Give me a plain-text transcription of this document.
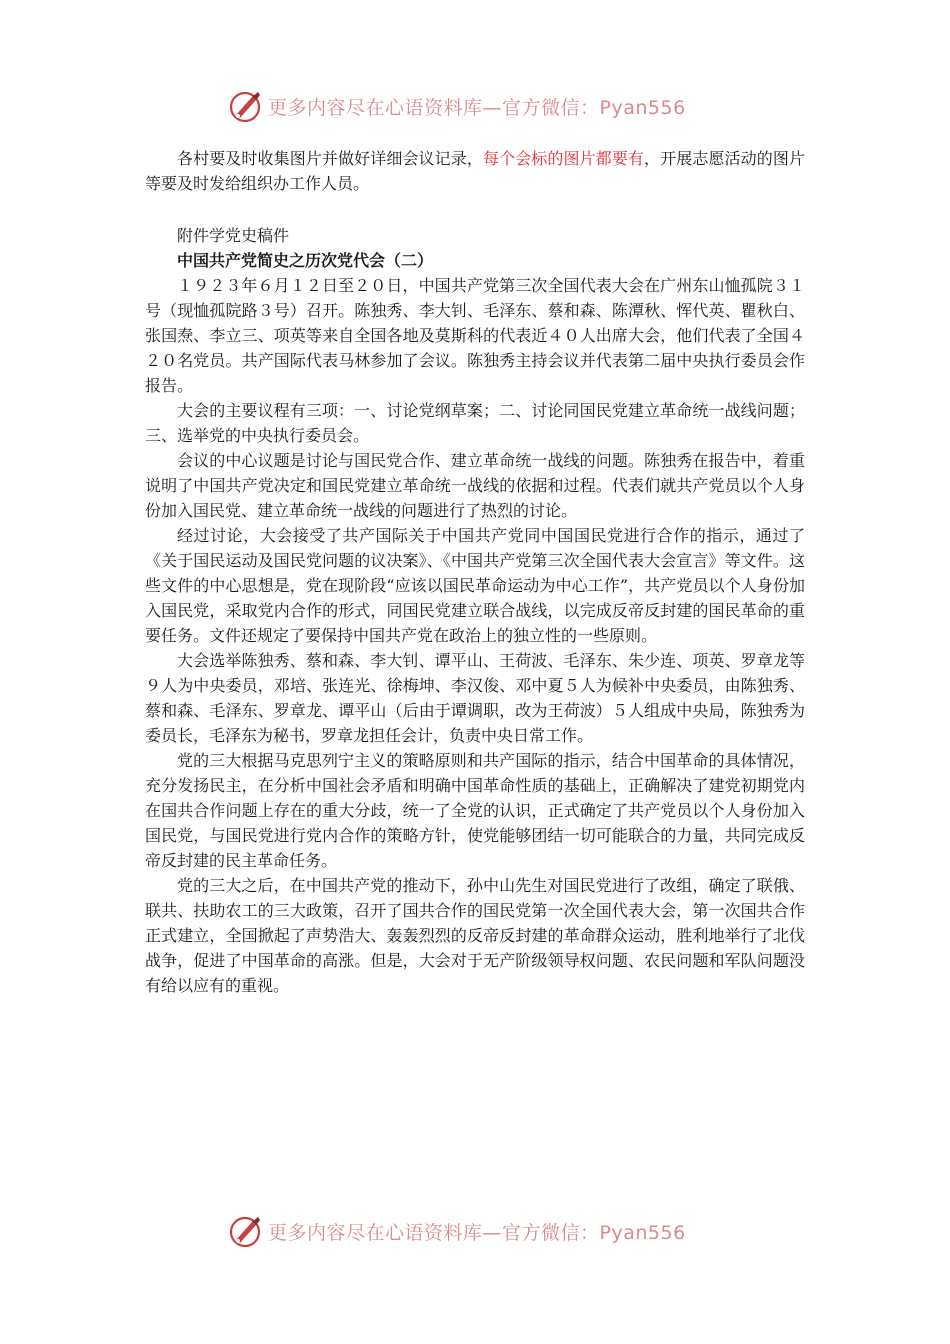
更多内容尽在心语资料库—官方微信：Pyan556

各村要及时收集图片并做好详细会议记录，每个会标的图片都要有，开展志愿活动的图片等要及时发给组织办工作人员。

附件学党史稿件

中国共产党简史之历次党代会（二）

１９２３年６月１２日至２０日，中国共产党第三次全国代表大会在广州东山恤孤院３１号（现恤孤院路３号）召开。陈独秀、李大钊、毛泽东、蔡和森、陈潭秋、恽代英、瞿秋白、张国焘、李立三、项英等来自全国各地及莫斯科的代表近４０人出席大会，他们代表了全国４２０名党员。共产国际代表马林参加了会议。陈独秀主持会议并代表第二届中央执行委员会作报告。

大会的主要议程有三项：一、讨论党纲草案；二、讨论同国民党建立革命统一战线问题；三、选举党的中央执行委员会。

会议的中心议题是讨论与国民党合作、建立革命统一战线的问题。陈独秀在报告中，着重说明了中国共产党决定和国民党建立革命统一战线的依据和过程。代表们就共产党员以个人身份加入国民党、建立革命统一战线的问题进行了热烈的讨论。

经过讨论，大会接受了共产国际关于中国共产党同中国国民党进行合作的指示，通过了《关于国民运动及国民党问题的议决案》、《中国共产党第三次全国代表大会宣言》等文件。这些文件的中心思想是，党在现阶段“应该以国民革命运动为中心工作”，共产党员以个人身份加入国民党，采取党内合作的形式，同国民党建立联合战线，以完成反帝反封建的国民革命的重要任务。文件还规定了要保持中国共产党在政治上的独立性的一些原则。

大会选举陈独秀、蔡和森、李大钊、谭平山、王荷波、毛泽东、朱少连、项英、罗章龙等９人为中央委员，邓培、张连光、徐梅坤、李汉俊、邓中夏５人为候补中央委员，由陈独秀、蔡和森、毛泽东、罗章龙、谭平山（后由于谭调职，改为王荷波）５人组成中央局，陈独秀为委员长，毛泽东为秘书，罗章龙担任会计，负责中央日常工作。

党的三大根据马克思列宁主义的策略原则和共产国际的指示，结合中国革命的具体情况，充分发扬民主，在分析中国社会矛盾和明确中国革命性质的基础上，正确解决了建党初期党内在国共合作问题上存在的重大分歧，统一了全党的认识，正式确定了共产党员以个人身份加入国民党，与国民党进行党内合作的策略方针，使党能够团结一切可能联合的力量，共同完成反帝反封建的民主革命任务。

党的三大之后，在中国共产党的推动下，孙中山先生对国民党进行了改组，确定了联俄、联共、扶助农工的三大政策，召开了国共合作的国民党第一次全国代表大会，第一次国共合作正式建立，全国掀起了声势浩大、轰轰烈烈的反帝反封建的革命群众运动，胜利地举行了北伐战争，促进了中国革命的高涨。但是，大会对于无产阶级领导权问题、农民问题和军队问题没有给以应有的重视。

更多内容尽在心语资料库—官方微信：Pyan556
